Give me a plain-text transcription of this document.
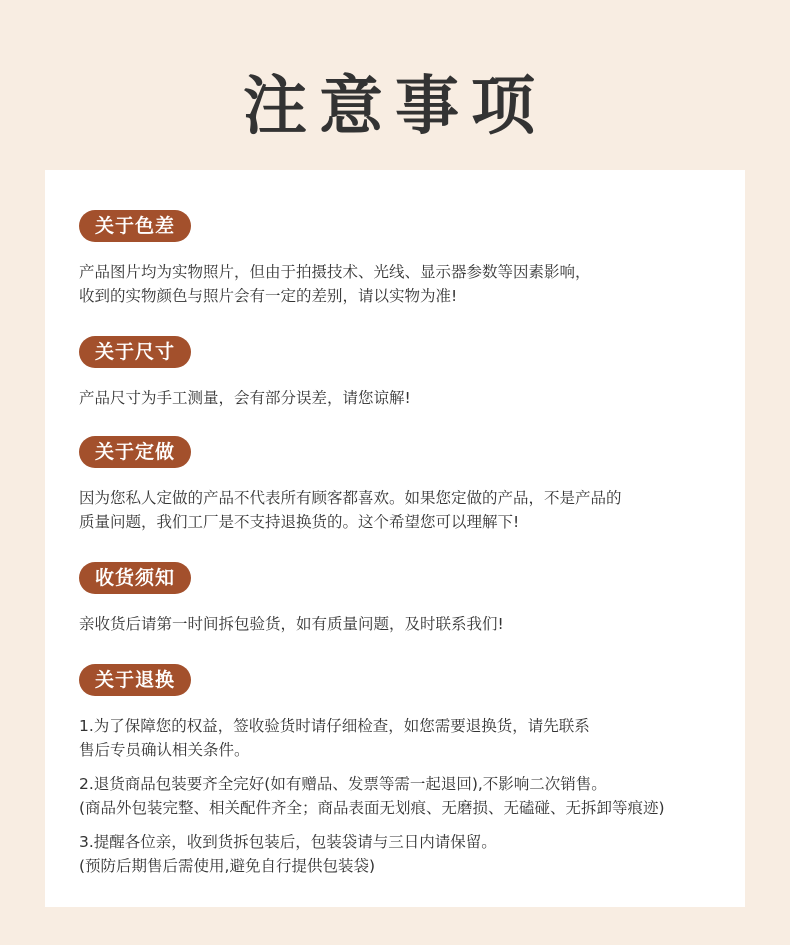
注意事项
关于色差

产品图片均为实物照片，但由于拍摄技术、光线、显示器参数等因素影响，
收到的实物颜色与照片会有一定的差别，请以实物为准!

关于尺寸

产品尺寸为手工测量，会有部分误差，请您谅解!

关于定做

因为您私人定做的产品不代表所有顾客都喜欢。如果您定做的产品，不是产品的
质量问题，我们工厂是不支持退换货的。这个希望您可以理解下!

收货须知

亲收货后请第一时间拆包验货，如有质量问题，及时联系我们!

关于退换

1.为了保障您的权益，签收验货时请仔细检查，如您需要退换货，请先联系
售后专员确认相关条件。

2.退货商品包装要齐全完好(如有赠品、发票等需一起退回),不影响二次销售。
(商品外包装完整、相关配件齐全；商品表面无划痕、无磨损、无磕碰、无拆卸等痕迹)

3.提醒各位亲，收到货拆包装后，包装袋请与三日内请保留。
(预防后期售后需使用,避免自行提供包装袋)
